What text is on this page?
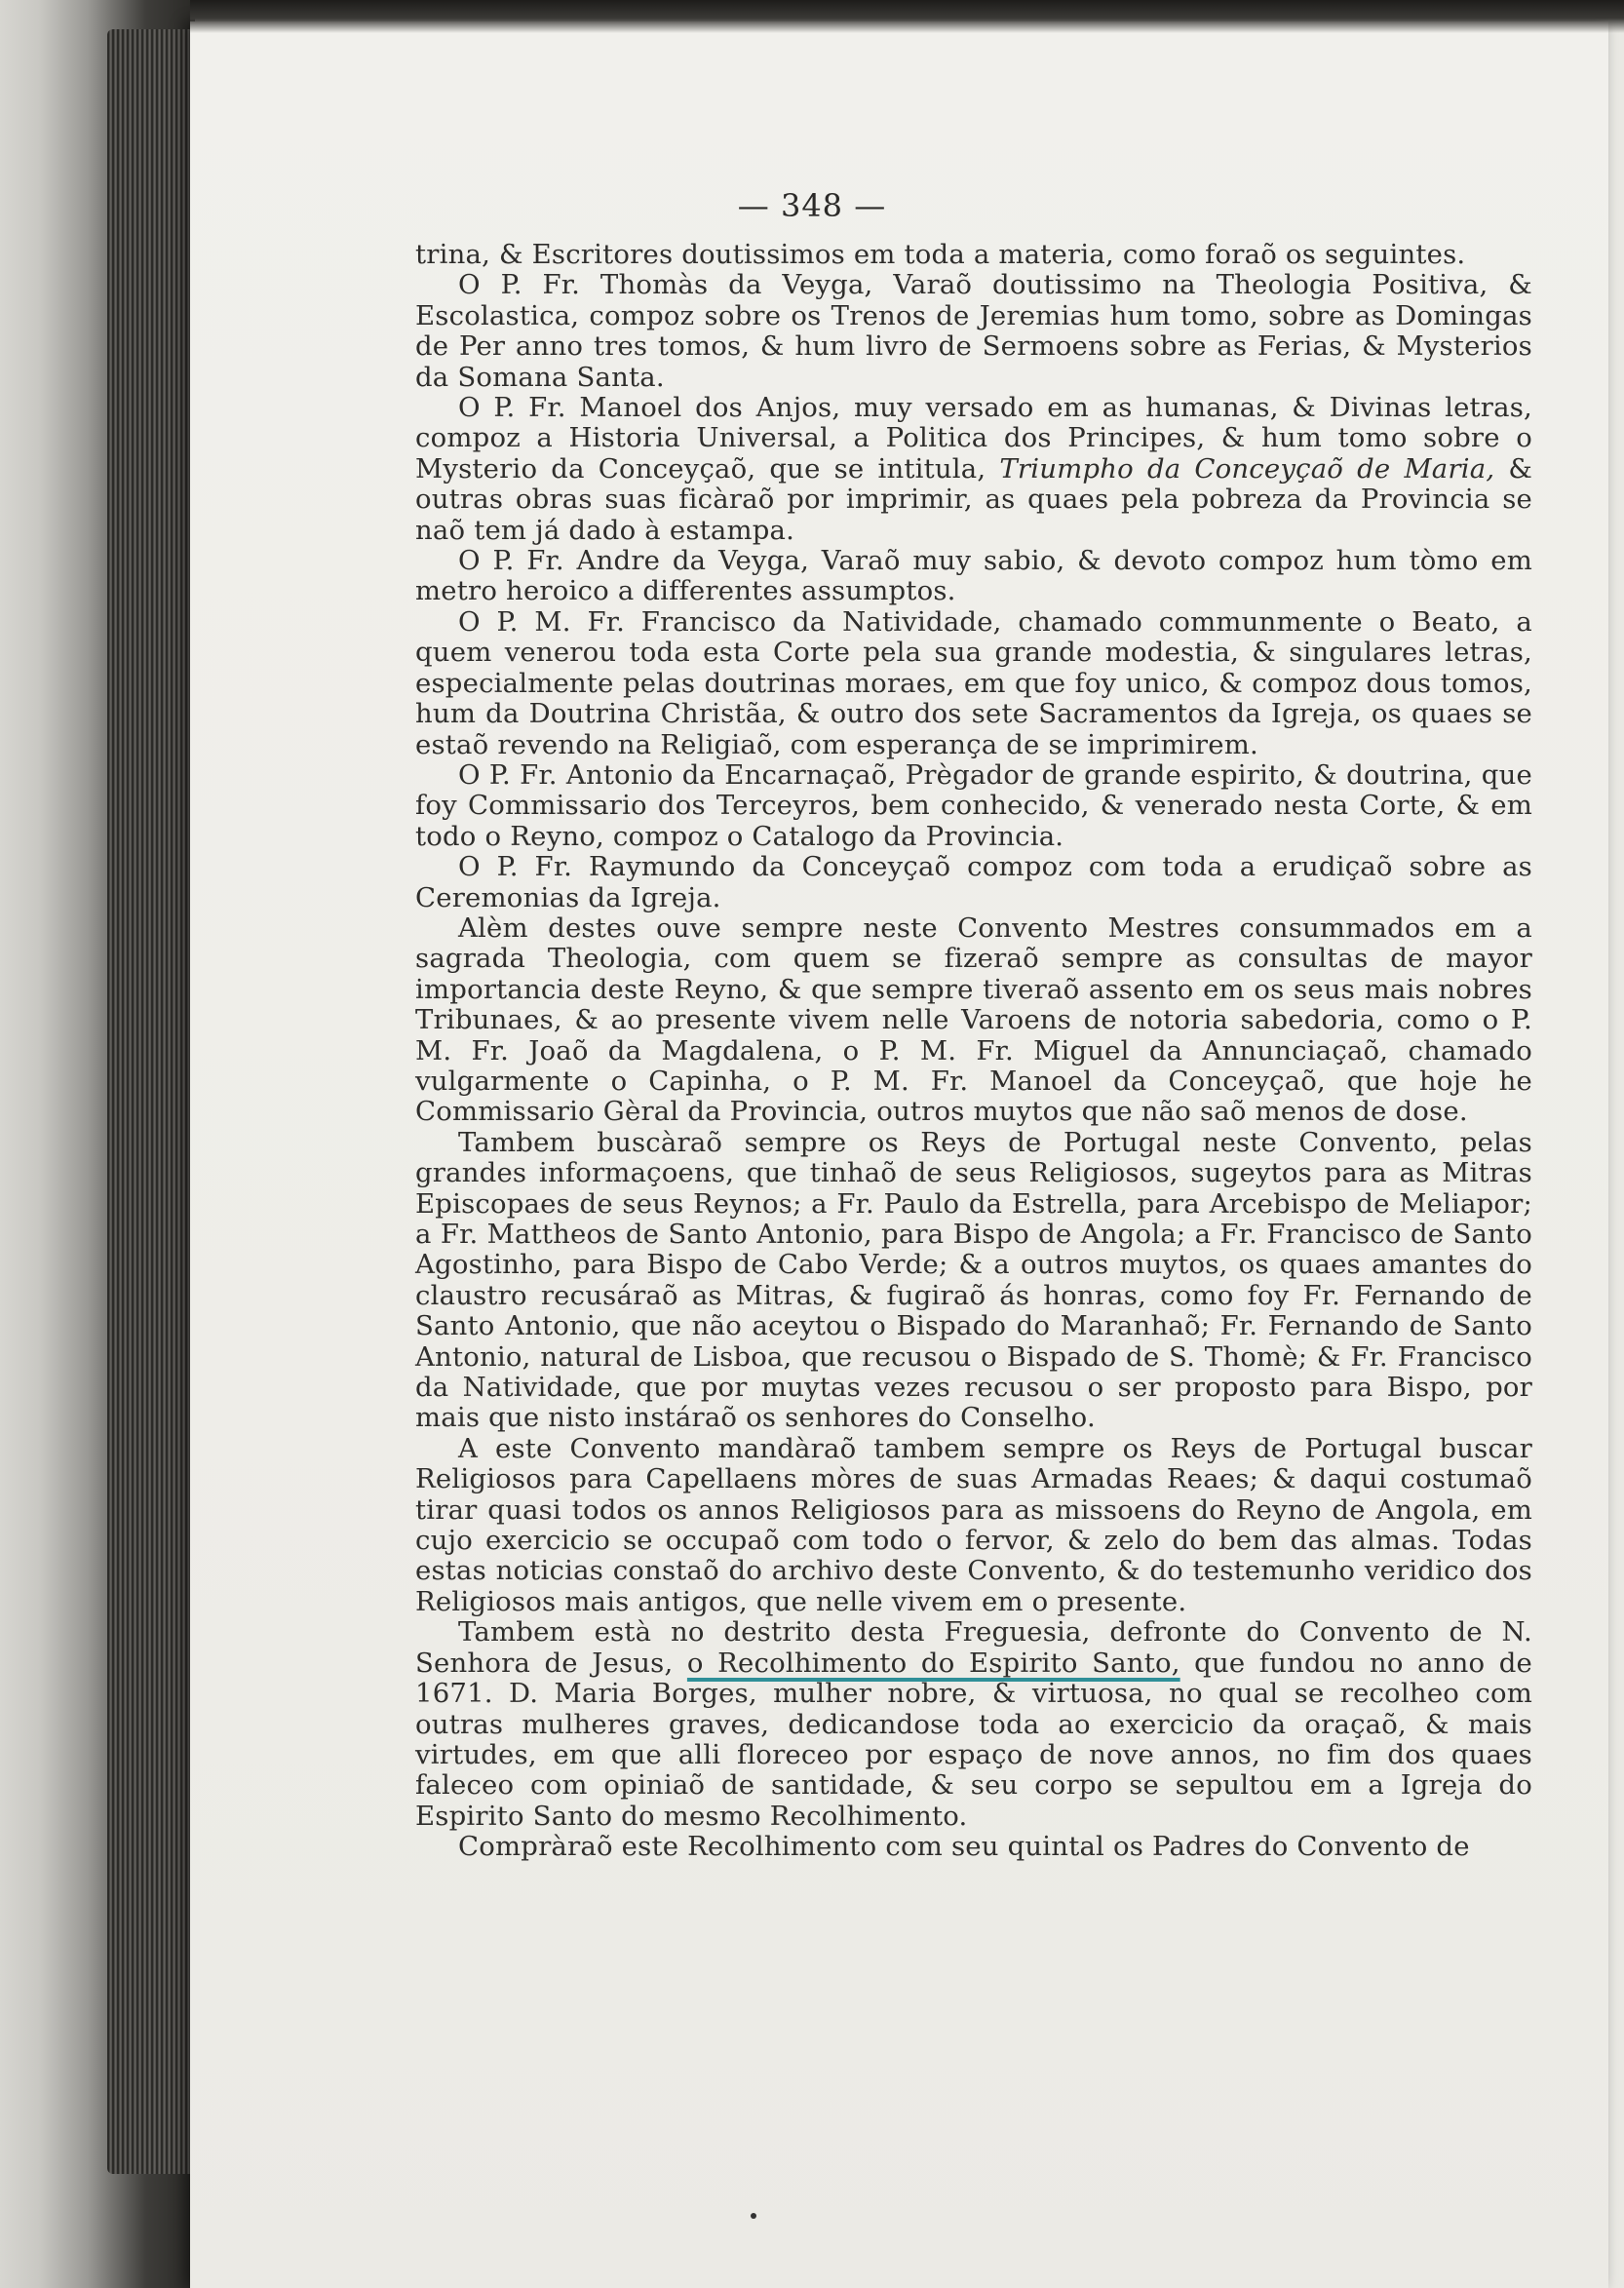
— 348 —

trina, & Escritores doutissimos em toda a materia, como foraõ os seguintes.

O P. Fr. Thomàs da Veyga, Varaõ doutissimo na Theologia Positiva, & Escolastica, compoz sobre os Trenos de Jeremias hum tomo, sobre as Domingas de Per anno tres tomos, & hum livro de Sermoens sobre as Ferias, & Mysterios da Somana Santa.

O P. Fr. Manoel dos Anjos, muy versado em as humanas, & Divinas letras, compoz a Historia Universal, a Politica dos Principes, & hum tomo sobre o Mysterio da Conceyçaõ, que se intitula, Triumpho da Conceyçaõ de Maria, & outras obras suas ficàraõ por imprimir, as quaes pela pobreza da Provincia se naõ tem já dado à estampa.

O P. Fr. Andre da Veyga, Varaõ muy sabio, & devoto compoz hum tòmo em metro heroico a differentes assumptos.

O P. M. Fr. Francisco da Natividade, chamado communmente o Beato, a quem venerou toda esta Corte pela sua grande modestia, & singulares letras, especialmente pelas doutrinas moraes, em que foy unico, & compoz dous tomos, hum da Doutrina Christãa, & outro dos sete Sacramentos da Igreja, os quaes se estaõ revendo na Religiaõ, com esperança de se imprimirem.

O P. Fr. Antonio da Encarnaçaõ, Prègador de grande espirito, & doutrina, que foy Commissario dos Terceyros, bem conhecido, & venerado nesta Corte, & em todo o Reyno, compoz o Catalogo da Provincia.

O P. Fr. Raymundo da Conceyçaõ compoz com toda a erudiçaõ sobre as Ceremonias da Igreja.

Alèm destes ouve sempre neste Convento Mestres consummados em a sagrada Theologia, com quem se fizeraõ sempre as consultas de mayor importancia deste Reyno, & que sempre tiveraõ assento em os seus mais nobres Tribunaes, & ao presente vivem nelle Varoens de notoria sabedoria, como o P. M. Fr. Joaõ da Magdalena, o P. M. Fr. Miguel da Annunciaçaõ, chamado vulgarmente o Capinha, o P. M. Fr. Manoel da Conceyçaõ, que hoje he Commissario Gèral da Provincia, outros muytos que não saõ menos de dose.

Tambem buscàraõ sempre os Reys de Portugal neste Convento, pelas grandes informaçoens, que tinhaõ de seus Religiosos, sugeytos para as Mitras Episcopaes de seus Reynos; a Fr. Paulo da Estrella, para Arcebispo de Meliapor; a Fr. Mattheos de Santo Antonio, para Bispo de Angola; a Fr. Francisco de Santo Agostinho, para Bispo de Cabo Verde; & a outros muytos, os quaes amantes do claustro recusáraõ as Mitras, & fugiraõ ás honras, como foy Fr. Fernando de Santo Antonio, que não aceytou o Bispado do Maranhaõ; Fr. Fernando de Santo Antonio, natural de Lisboa, que recusou o Bispado de S. Thomè; & Fr. Francisco da Natividade, que por muytas vezes recusou o ser proposto para Bispo, por mais que nisto instáraõ os senhores do Conselho.

A este Convento mandàraõ tambem sempre os Reys de Portugal buscar Religiosos para Capellaens mòres de suas Armadas Reaes; & daqui costumaõ tirar quasi todos os annos Religiosos para as missoens do Reyno de Angola, em cujo exercicio se occupaõ com todo o fervor, & zelo do bem das almas. Todas estas noticias constaõ do archivo deste Convento, & do testemunho veridico dos Religiosos mais antigos, que nelle vivem em o presente.

Tambem està no destrito desta Freguesia, defronte do Convento de N. Senhora de Jesus, o Recolhimento do Espirito Santo, que fundou no anno de 1671. D. Maria Borges, mulher nobre, & virtuosa, no qual se recolheo com outras mulheres graves, dedicandose toda ao exercicio da oraçaõ, & mais virtudes, em que alli floreceo por espaço de nove annos, no fim dos quaes faleceo com opiniaõ de santidade, & seu corpo se sepultou em a Igreja do Espirito Santo do mesmo Recolhimento.

Compràraõ este Recolhimento com seu quintal os Padres do Convento de
